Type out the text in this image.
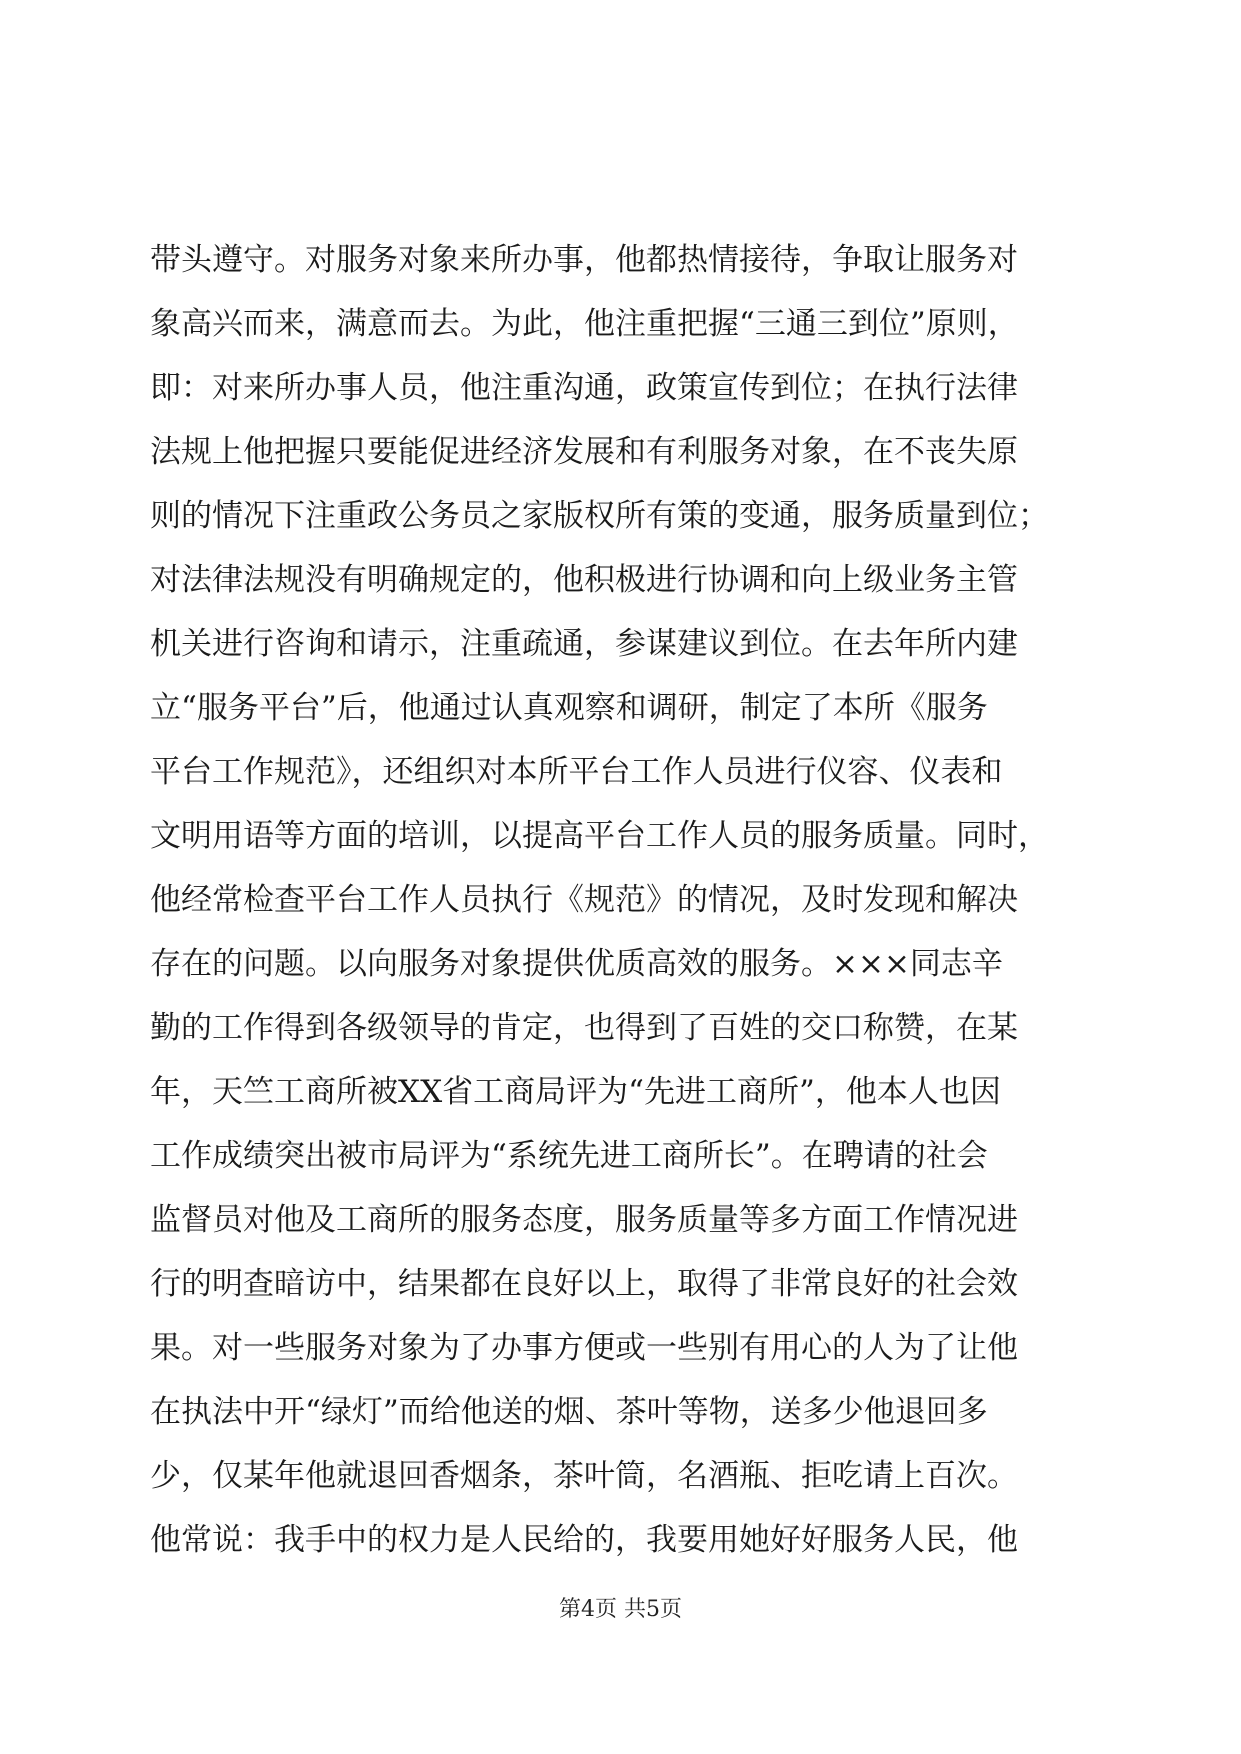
带头遵守。对服务对象来所办事，他都热情接待，争取让服务对
象高兴而来，满意而去。为此，他注重把握“三通三到位”原则，
即：对来所办事人员，他注重沟通，政策宣传到位；在执行法律
法规上他把握只要能促进经济发展和有利服务对象，在不丧失原
则的情况下注重政公务员之家版权所有策的变通，服务质量到位；
对法律法规没有明确规定的，他积极进行协调和向上级业务主管
机关进行咨询和请示，注重疏通，参谋建议到位。在去年所内建
立“服务平台”后，他通过认真观察和调研，制定了本所《服务
平台工作规范》，还组织对本所平台工作人员进行仪容、仪表和
文明用语等方面的培训，以提高平台工作人员的服务质量。同时，
他经常检查平台工作人员执行《规范》的情况，及时发现和解决
存在的问题。以向服务对象提供优质高效的服务。×××同志辛
勤的工作得到各级领导的肯定，也得到了百姓的交口称赞，在某
年，天竺工商所被XX省工商局评为“先进工商所”，他本人也因
工作成绩突出被市局评为“系统先进工商所长”。在聘请的社会
监督员对他及工商所的服务态度，服务质量等多方面工作情况进
行的明查暗访中，结果都在良好以上，取得了非常良好的社会效
果。对一些服务对象为了办事方便或一些别有用心的人为了让他
在执法中开“绿灯”而给他送的烟、茶叶等物，送多少他退回多
少，仅某年他就退回香烟条，茶叶筒，名酒瓶、拒吃请上百次。
他常说：我手中的权力是人民给的，我要用她好好服务人民，他
第4页 共5页
